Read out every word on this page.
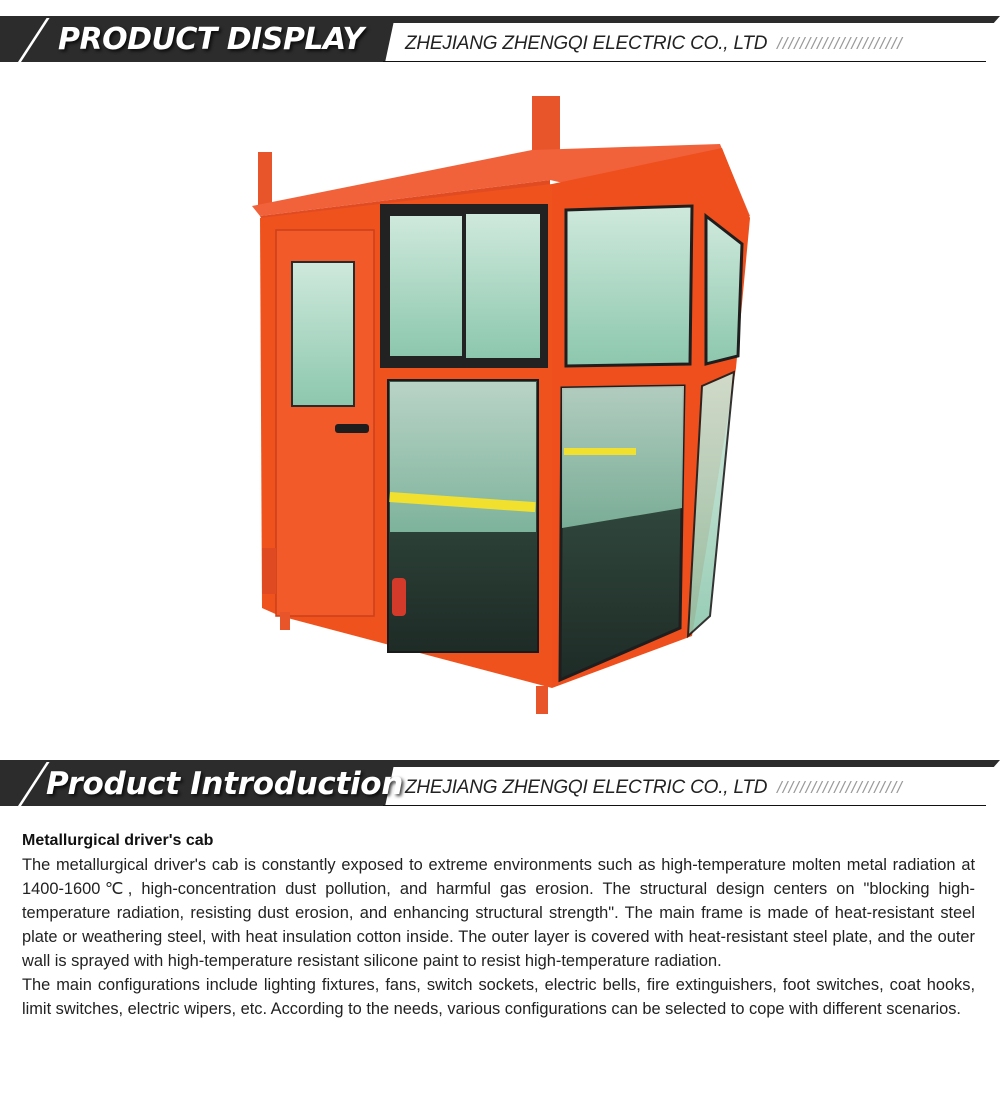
PRODUCT DISPLAY ZHEJIANG ZHENGQI ELECTRIC CO., LTD //////////////////////
Product Introduction ZHEJIANG ZHENGQI ELECTRIC CO., LTD //////////////////////
Metallurgical driver's cab

The metallurgical driver's cab is constantly exposed to extreme environments such as high-temperature molten metal radiation at 1400-1600℃, high-concentration dust pollution, and harmful gas erosion. The structural design centers on "blocking high-temperature radiation, resisting dust erosion, and enhancing structural strength". The main frame is made of heat-resistant steel plate or weathering steel, with heat insulation cotton inside. The outer layer is covered with heat-resistant steel plate, and the outer wall is sprayed with high-temperature resistant silicone paint to resist high-temperature radiation.

The main configurations include lighting fixtures, fans, switch sockets, electric bells, fire extinguishers, foot switches, coat hooks, limit switches, electric wipers, etc. According to the needs, various configurations can be selected to cope with different scenarios.
